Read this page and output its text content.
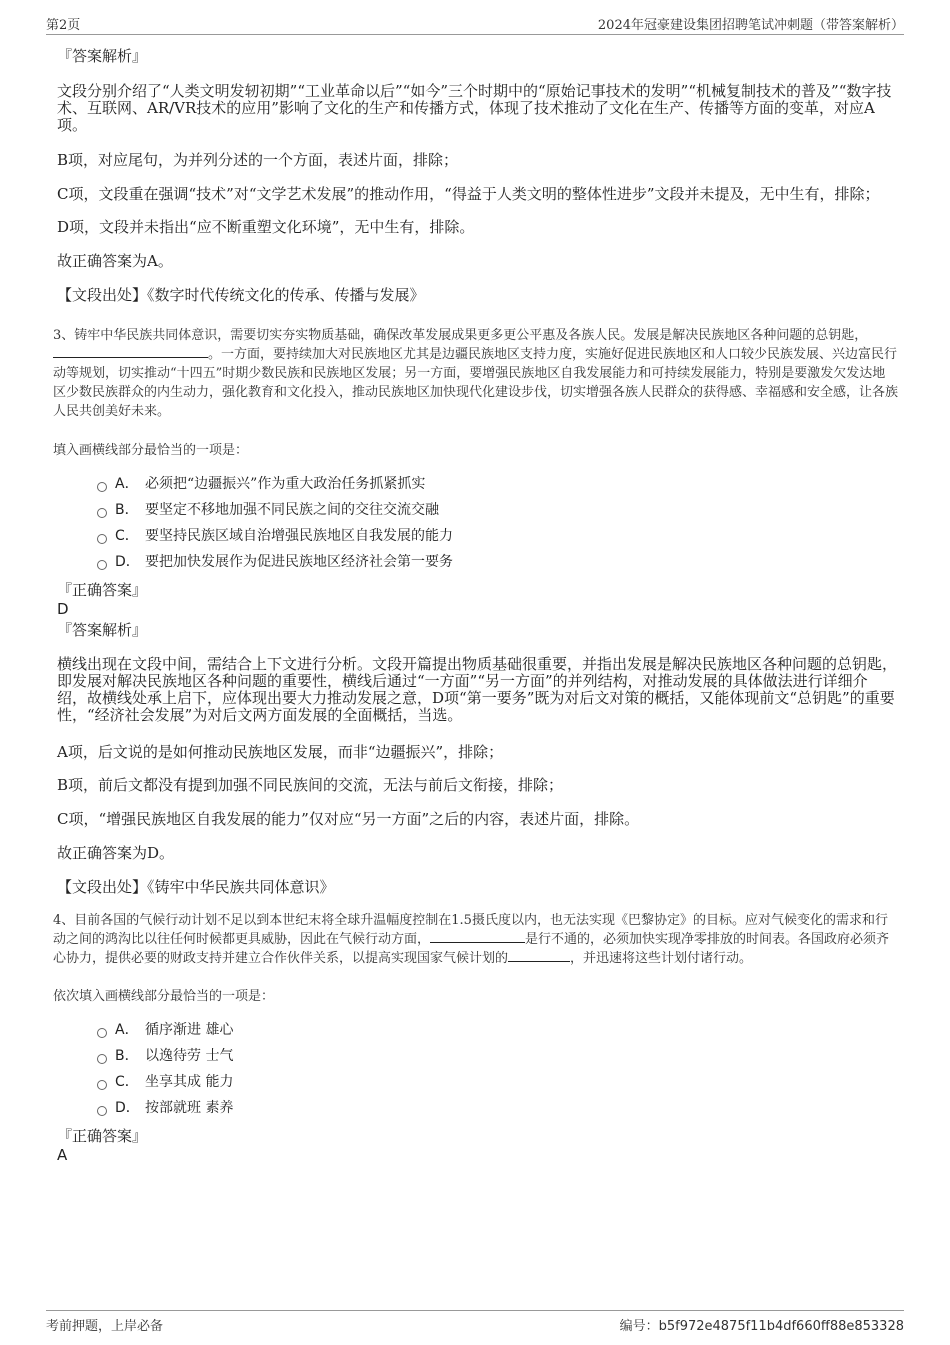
第2页	2024年冠豪建设集团招聘笔试冲刺题（带答案解析）
『答案解析』
文段分别介绍了“人类文明发轫初期”“工业革命以后”“如今”三个时期中的“原始记事技术的发明”“机械复制技术的普及”“数字技术、互联网、AR/VR技术的应用”影响了文化的生产和传播方式，体现了技术推动了文化在生产、传播等方面的变革，对应A项。
B项，对应尾句，为并列分述的一个方面，表述片面，排除；
C项，文段重在强调“技术”对“文学艺术发展”的推动作用，“得益于人类文明的整体性进步”文段并未提及，无中生有，排除；
D项，文段并未指出“应不断重塑文化环境”，无中生有，排除。
故正确答案为A。
【文段出处】《数字时代传统文化的传承、传播与发展》
3、铸牢中华民族共同体意识，需要切实夯实物质基础，确保改革发展成果更多更公平惠及各族人民。发展是解决民族地区各种问题的总钥匙，。一方面，要持续加大对民族地区尤其是边疆民族地区支持力度，实施好促进民族地区和人口较少民族发展、兴边富民行动等规划，切实推动“十四五”时期少数民族和民族地区发展；另一方面，要增强民族地区自我发展能力和可持续发展能力，特别是要激发欠发达地区少数民族群众的内生动力，强化教育和文化投入，推动民族地区加快现代化建设步伐，切实增强各族人民群众的获得感、幸福感和安全感，让各族人民共创美好未来。
填入画横线部分最恰当的一项是：
A． 必须把“边疆振兴”作为重大政治任务抓紧抓实
B． 要坚定不移地加强不同民族之间的交往交流交融
C． 要坚持民族区域自治增强民族地区自我发展的能力
D． 要把加快发展作为促进民族地区经济社会第一要务
『正确答案』
D
『答案解析』
横线出现在文段中间，需结合上下文进行分析。文段开篇提出物质基础很重要，并指出发展是解决民族地区各种问题的总钥匙，即发展对解决民族地区各种问题的重要性，横线后通过“一方面”“另一方面”的并列结构，对推动发展的具体做法进行详细介绍，故横线处承上启下，应体现出要大力推动发展之意，D项“第一要务”既为对后文对策的概括，又能体现前文“总钥匙”的重要性，“经济社会发展”为对后文两方面发展的全面概括，当选。
A项，后文说的是如何推动民族地区发展，而非“边疆振兴”，排除；
B项，前后文都没有提到加强不同民族间的交流，无法与前后文衔接，排除；
C项，“增强民族地区自我发展的能力”仅对应“另一方面”之后的内容，表述片面，排除。
故正确答案为D。
【文段出处】《铸牢中华民族共同体意识》
4、目前各国的气候行动计划不足以到本世纪末将全球升温幅度控制在1.5摄氏度以内，也无法实现《巴黎协定》的目标。应对气候变化的需求和行动之间的鸿沟比以往任何时候都更具威胁，因此在气候行动方面，	是行不通的，必须加快实现净零排放的时间表。各国政府必须齐心协力，提供必要的财政支持并建立合作伙伴关系，以提高实现国家气候计划的	，并迅速将这些计划付诸行动。
依次填入画横线部分最恰当的一项是：
A． 循序渐进 雄心
B． 以逸待劳 士气
C． 坐享其成 能力
D． 按部就班 素养
『正确答案』
A
考前押题，上岸必备	编号：b5f972e4875f11b4df660ff88e853328
